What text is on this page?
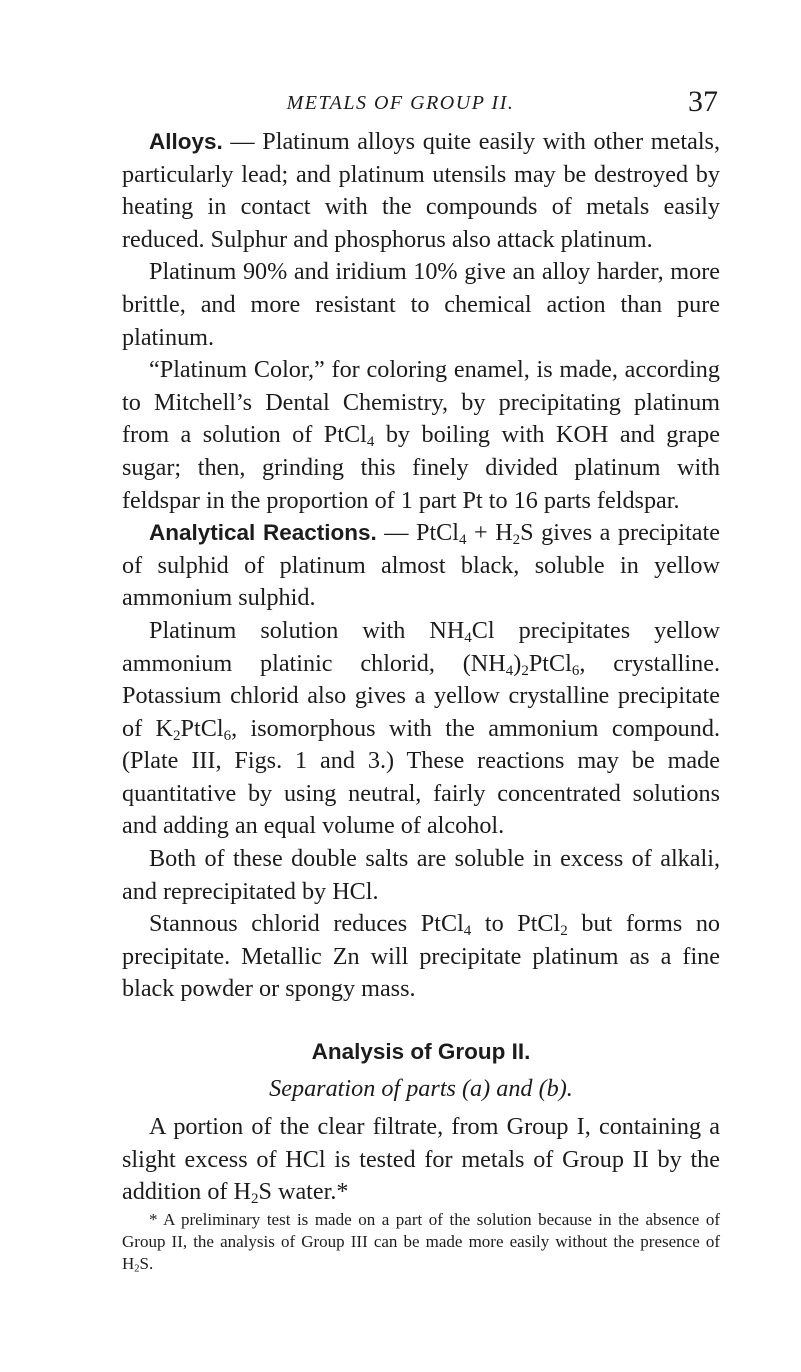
METALS OF GROUP II.	37

Alloys. — Platinum alloys quite easily with other metals, particularly lead; and platinum utensils may be destroyed by heating in contact with the compounds of metals easily reduced. Sulphur and phosphorus also attack platinum.

Platinum 90% and iridium 10% give an alloy harder, more brittle, and more resistant to chemical action than pure platinum.

“Platinum Color,” for coloring enamel, is made, according to Mitchell’s Dental Chemistry, by precipitating platinum from a solution of PtCl$_4$ by boiling with KOH and grape sugar; then, grinding this finely divided platinum with feldspar in the proportion of 1 part Pt to 16 parts feldspar.

Analytical Reactions. — PtCl$_4$ + $H_2S$ gives a precipitate of sulphid of platinum almost black, soluble in yellow ammonium sulphid.

Platinum solution with $NH_4Cl$ precipitates yellow ammonium platinic chlorid, $(NH_4)_2PtCl_6$, crystalline. Potassium chlorid also gives a yellow crystalline precipitate of $K_2PtCl_6$, isomorphous with the ammonium compound. (Plate III, Figs. 1 and 3.) These reactions may be made quantitative by using neutral, fairly concentrated solutions and adding an equal volume of alcohol.

Both of these double salts are soluble in excess of alkali, and reprecipitated by HCl.

Stannous chlorid reduces PtCl$_4$ to PtCl$_2$ but forms no precipitate. Metallic Zn will precipitate platinum as a fine black powder or spongy mass.

Analysis of Group II.
Separation of parts (a) and (b).

A portion of the clear filtrate, from Group I, containing a slight excess of HCl is tested for metals of Group II by the addition of $H_2S$ water.*

* A preliminary test is made on a part of the solution because in the absence of Group II, the analysis of Group III can be made more easily without the presence of $H_2S$.
